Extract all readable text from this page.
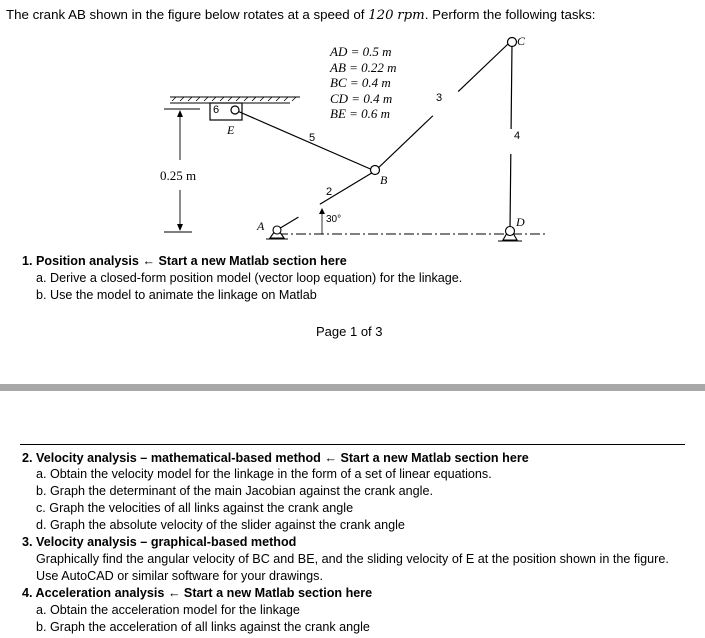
The crank AB shown in the figure below rotates at a speed of 120 rpm. Perform the following tasks:
AD = 0.5 m
AB = 0.22 m
BC = 0.4 m
CD = 0.4 m
BE = 0.6 m
C
B
A	D
E
6
5
3
4
2
30°
0.25 m
1. Position analysis ← Start a new Matlab section here
a. Derive a closed-form position model (vector loop equation) for the linkage.
b. Use the model to animate the linkage on Matlab
Page 1 of 3
2. Velocity analysis – mathematical-based method ← Start a new Matlab section here
a. Obtain the velocity model for the linkage in the form of a set of linear equations.
b. Graph the determinant of the main Jacobian against the crank angle.
c. Graph the velocities of all links against the crank angle
d. Graph the absolute velocity of the slider against the crank angle
3. Velocity analysis – graphical-based method
Graphically find the angular velocity of BC and BE, and the sliding velocity of E at the position shown in the figure.
Use AutoCAD or similar software for your drawings.
4. Acceleration analysis ← Start a new Matlab section here
a. Obtain the acceleration model for the linkage
b. Graph the acceleration of all links against the crank angle
